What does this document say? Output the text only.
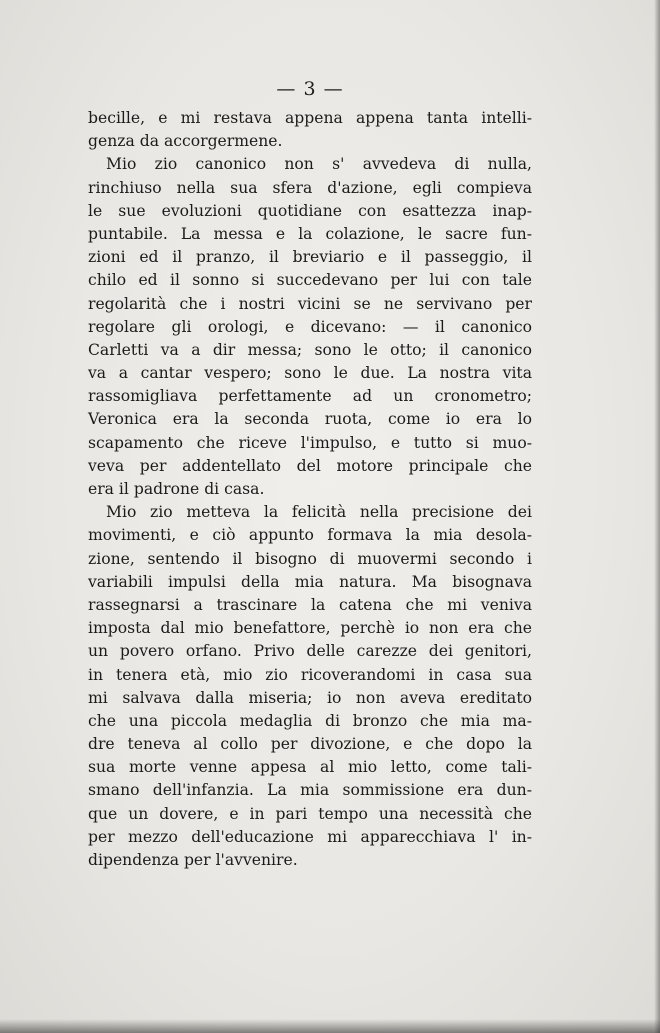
— 3 —
becille, e mi restava appena appena tanta intelli-
genza da accorgermene.
Mio zio canonico non s' avvedeva di nulla,
rinchiuso nella sua sfera d'azione, egli compieva
le sue evoluzioni quotidiane con esattezza inap-
puntabile. La messa e la colazione, le sacre fun-
zioni ed il pranzo, il breviario e il passeggio, il
chilo ed il sonno si succedevano per lui con tale
regolarità che i nostri vicini se ne servivano per
regolare gli orologi, e dicevano: — il canonico
Carletti va a dir messa; sono le otto; il canonico
va a cantar vespero; sono le due. La nostra vita
rassomigliava perfettamente ad un cronometro;
Veronica era la seconda ruota, come io era lo
scapamento che riceve l'impulso, e tutto si muo-
veva per addentellato del motore principale che
era il padrone di casa.
Mio zio metteva la felicità nella precisione dei
movimenti, e ciò appunto formava la mia desola-
zione, sentendo il bisogno di muovermi secondo i
variabili impulsi della mia natura. Ma bisognava
rassegnarsi a trascinare la catena che mi veniva
imposta dal mio benefattore, perchè io non era che
un povero orfano. Privo delle carezze dei genitori,
in tenera età, mio zio ricoverandomi in casa sua
mi salvava dalla miseria; io non aveva ereditato
che una piccola medaglia di bronzo che mia ma-
dre teneva al collo per divozione, e che dopo la
sua morte venne appesa al mio letto, come tali-
smano dell'infanzia. La mia sommissione era dun-
que un dovere, e in pari tempo una necessità che
per mezzo dell'educazione mi apparecchiava l' in-
dipendenza per l'avvenire.
